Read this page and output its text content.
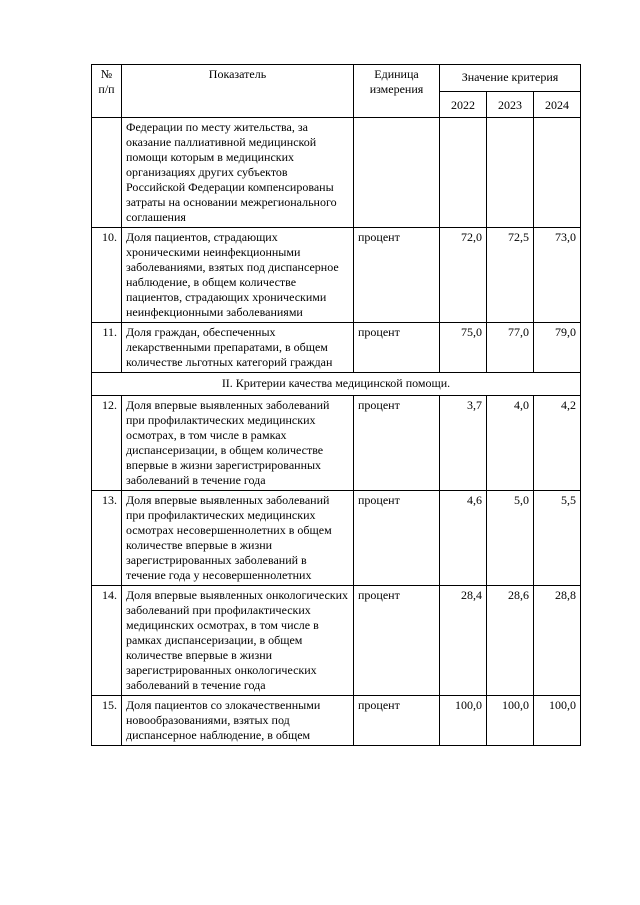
№ п/п	Показатель	Единица измерения	Значение критерия		
			2022	2023	2024
	Федерации по месту жительства, за оказание паллиативной медицинской помощи которым в медицинских организациях других субъектов Российской Федерации компенсированы затраты на основании межрегионального соглашения				
10.	Доля пациентов, страдающих хроническими неинфекционными заболеваниями, взятых под диспансерное наблюдение, в общем количестве пациентов, страдающих хроническими неинфекционными заболеваниями	процент	72,0	72,5	73,0
11.	Доля граждан, обеспеченных лекарственными препаратами, в общем количестве льготных категорий граждан	процент	75,0	77,0	79,0
II. Критерии качества медицинской помощи.					
12.	Доля впервые выявленных заболеваний при профилактических медицинских осмотрах, в том числе в рамках диспансеризации, в общем количестве впервые в жизни зарегистрированных заболеваний в течение года	процент	3,7	4,0	4,2
13.	Доля впервые выявленных заболеваний при профилактических медицинских осмотрах несовершеннолетних в общем количестве впервые в жизни зарегистрированных заболеваний в течение года у несовершеннолетних	процент	4,6	5,0	5,5
14.	Доля впервые выявленных онкологических заболеваний при профилактических медицинских осмотрах, в том числе в рамках диспансеризации, в общем количестве впервые в жизни зарегистрированных онкологических заболеваний в течение года	процент	28,4	28,6	28,8
15.	Доля пациентов со злокачественными новообразованиями, взятых под диспансерное наблюдение, в общем	процент	100,0	100,0	100,0
